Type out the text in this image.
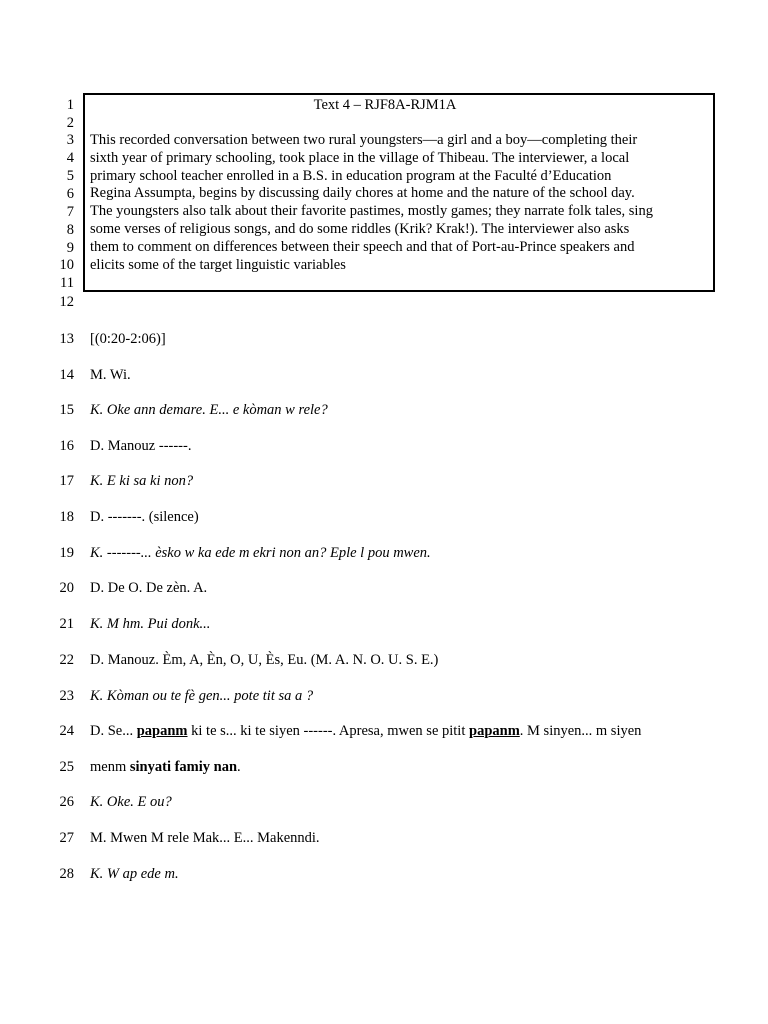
1
2
3
4
5
6
7
8
9
10
11
12
13
14
15
16
17
18
19
20
21
22
23
24
25
26
27
28
Text 4 – RJF8A-RJM1A
This recorded conversation between two rural youngsters—a girl and a boy—completing their
sixth year of primary schooling, took place in the village of Thibeau. The interviewer, a local
primary school teacher enrolled in a B.S. in education program at the Faculté d’Education
Regina Assumpta, begins by discussing daily chores at home and the nature of the school day.
The youngsters also talk about their favorite pastimes, mostly games; they narrate folk tales, sing
some verses of religious songs, and do some riddles (Krik? Krak!). The interviewer also asks
them to comment on differences between their speech and that of Port-au-Prince speakers and
elicits some of the target linguistic variables
[(0:20-2:06)]
M. Wi.
K. Oke ann demare. E... e kòman w rele?
D. Manouz ------.
K. E ki sa ki non?
D. -------. (silence)
K. -------... èsko w ka ede m ekri non an? Eple l pou mwen.
D. De O. De zèn. A.
K. M hm. Pui donk...
D. Manouz. Èm, A, Èn, O, U, Ès, Eu. (M. A. N. O. U. S. E.)
K. Kòman ou te fè gen... pote tit sa a ?
D. Se... papanm ki te s... ki te siyen ------. Apresa, mwen se pitit papanm. M sinyen... m siyen
menm sinyati famiy nan.
K. Oke. E ou?
M. Mwen M rele Mak... E... Makenndi.
K. W ap ede m.
